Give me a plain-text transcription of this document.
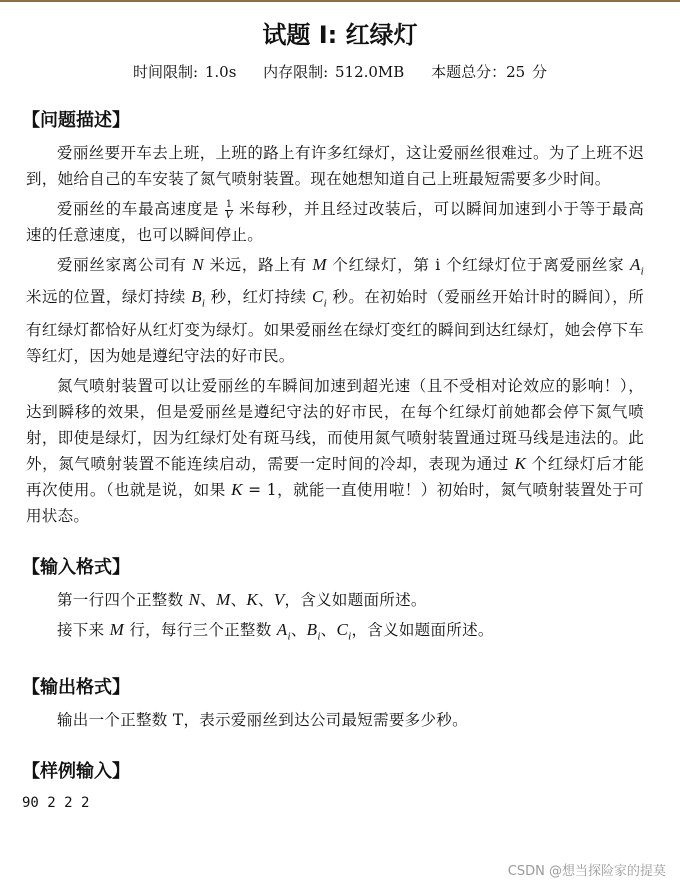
试题 I: 红绿灯
时间限制: 1.0s 内存限制: 512.0MB 本题总分：25 分
【问题描述】
爱丽丝要开车去上班，上班的路上有许多红绿灯，这让爱丽丝很难过。为了上班不迟到，她给自己的车安装了氮气喷射装置。现在她想知道自己上班最短需要多少时间。
爱丽丝的车最高速度是 $\frac{1}{V}$ 米每秒，并且经过改装后，可以瞬间加速到小于等于最高速的任意速度，也可以瞬间停止。
爱丽丝家离公司有 N 米远，路上有 M 个红绿灯，第 i 个红绿灯位于离爱丽丝家 $A_i$ 米远的位置，绿灯持续 $B_i$ 秒，红灯持续 $C_i$ 秒。在初始时（爱丽丝开始计时的瞬间），所有红绿灯都恰好从红灯变为绿灯。如果爱丽丝在绿灯变红的瞬间到达红绿灯，她会停下车等红灯，因为她是遵纪守法的好市民。
氮气喷射装置可以让爱丽丝的车瞬间加速到超光速（且不受相对论效应的影响！），达到瞬移的效果，但是爱丽丝是遵纪守法的好市民，在每个红绿灯前她都会停下氮气喷射，即使是绿灯，因为红绿灯处有斑马线，而使用氮气喷射装置通过斑马线是违法的。此外，氮气喷射装置不能连续启动，需要一定时间的冷却，表现为通过 K 个红绿灯后才能再次使用。（也就是说，如果 K = 1，就能一直使用啦！）初始时，氮气喷射装置处于可用状态。
【输入格式】
第一行四个正整数 N、M、K、V，含义如题面所述。
接下来 M 行，每行三个正整数 $A_i$、$B_i$、$C_i$，含义如题面所述。
【输出格式】
输出一个正整数 T，表示爱丽丝到达公司最短需要多少秒。
【样例输入】
90 2 2 2
CSDN @想当探险家的提莫
